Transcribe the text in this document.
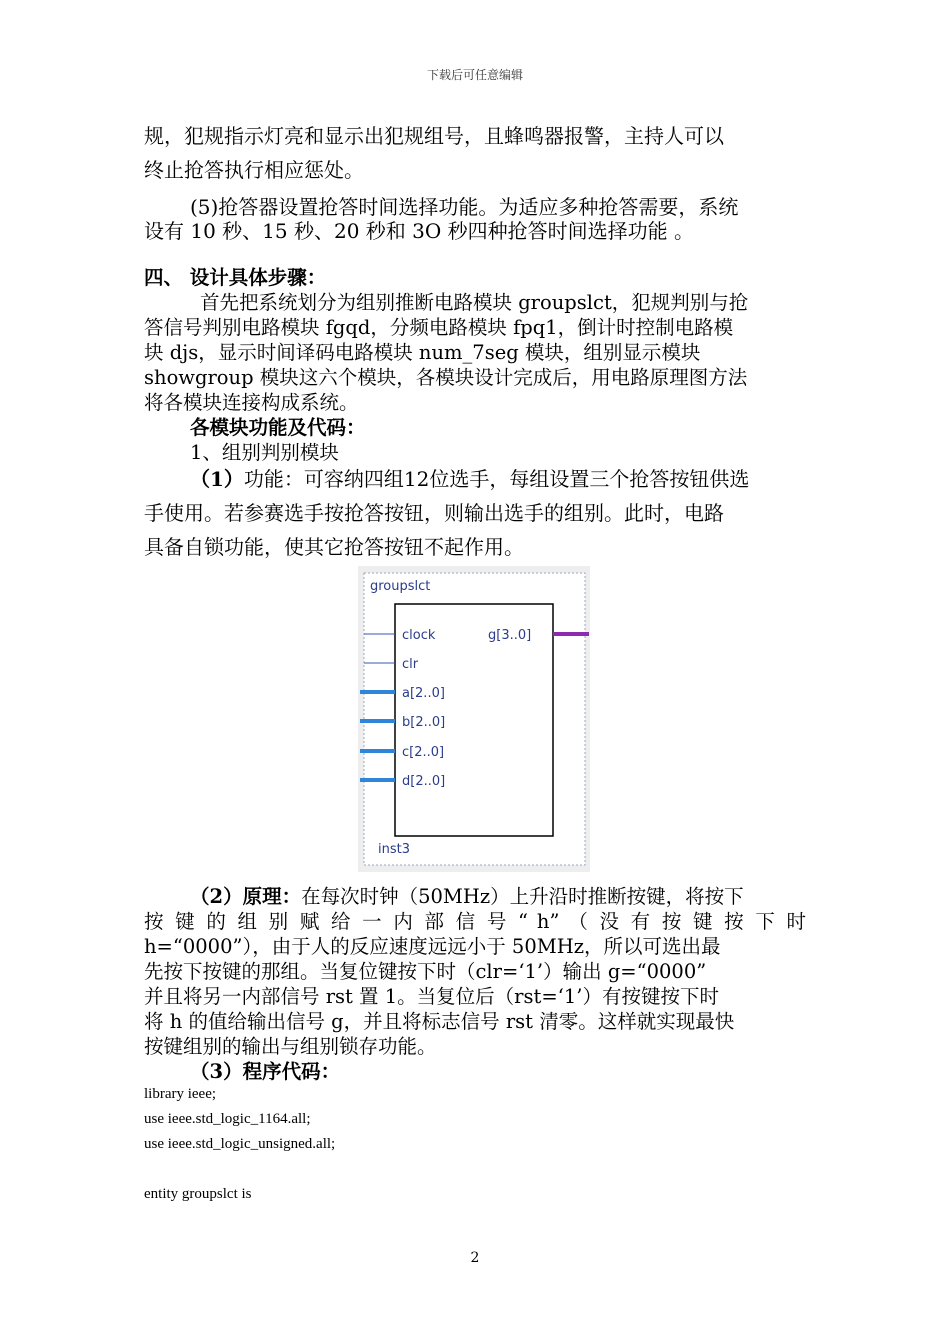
下载后可任意编辑
规，犯规指示灯亮和显示出犯规组号，且蜂鸣器报警，主持人可以
终止抢答执行相应惩处。
(5)抢答器设置抢答时间选择功能。为适应多种抢答需要，系统
设有 10 秒、15 秒、20 秒和 3O 秒四种抢答时间选择功能 。
四、 设计具体步骤：
首先把系统划分为组别推断电路模块 groupslct，犯规判别与抢
答信号判别电路模块 fgqd，分频电路模块 fpq1，倒计时控制电路模
块 djs，显示时间译码电路模块 num_7seg 模块，组别显示模块
showgroup 模块这六个模块，各模块设计完成后，用电路原理图方法
将各模块连接构成系统。
各模块功能及代码：
1、组别判别模块
（1）功能：可容纳四组12位选手，每组设置三个抢答按钮供选
手使用。若参赛选手按抢答按钮，则输出选手的组别。此时，电路
具备自锁功能，使其它抢答按钮不起作用。
groupslct
clock
clr
a[2..0]
b[2..0]
c[2..0]
d[2..0]
g[3..0]
inst3
（2）原理：在每次时钟（50MHz）上升沿时推断按键，将按下
按 键 的 组 别 赋 给 一 内 部 信 号 “ h” （ 没 有 按 键 按 下 时
h=“0000”），由于人的反应速度远远小于 50MHz，所以可选出最
先按下按键的那组。当复位键按下时（clr=‘1’）输出 g=“0000”
并且将另一内部信号 rst 置 1。当复位后（rst=‘1’）有按键按下时
将 h 的值给输出信号 g，并且将标志信号 rst 清零。这样就实现最快
按键组别的输出与组别锁存功能。
（3）程序代码：
library ieee;
use ieee.std_logic_1164.all;
use ieee.std_logic_unsigned.all;
entity groupslct is
2
